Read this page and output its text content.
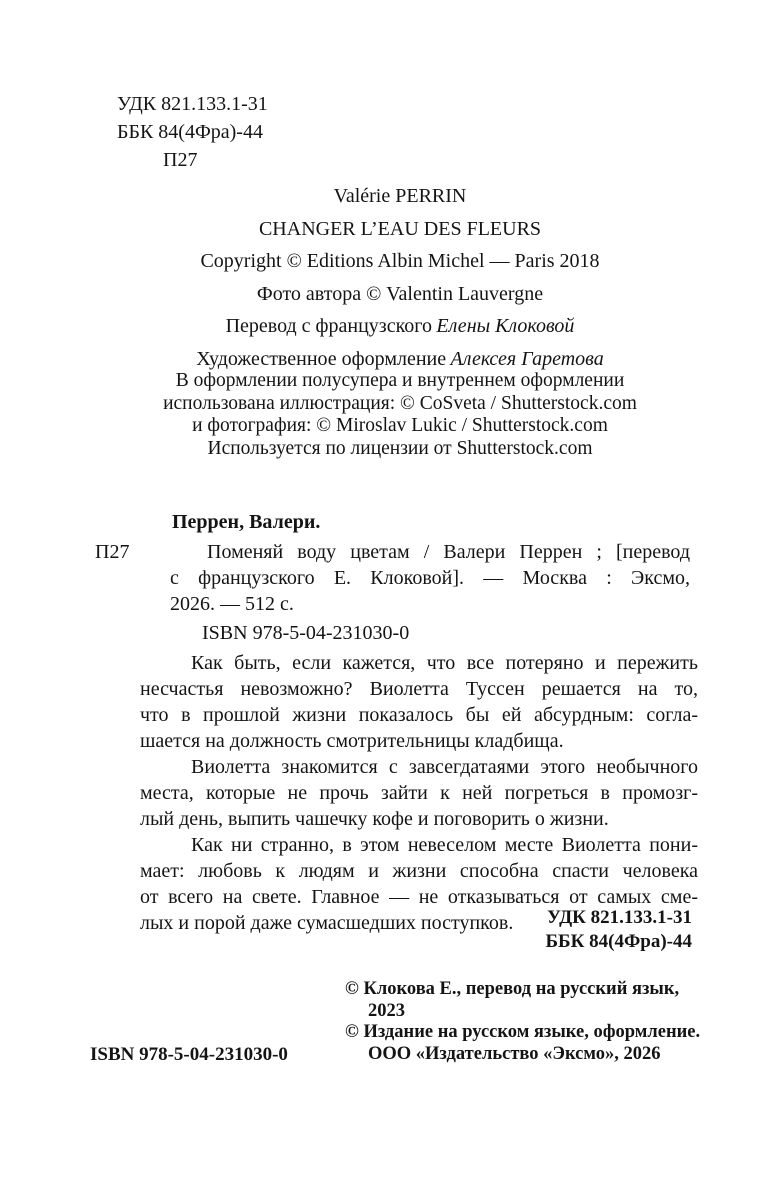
УДК 821.133.1-31
ББК 84(4Фра)-44
П27
Valérie PERRIN
CHANGER L’EAU DES FLEURS
Copyright © Editions Albin Michel — Paris 2018
Фото автора © Valentin Lauvergne
Перевод с французского Елены Клоковой
Художественное оформление Алексея Гаретова
В оформлении полусупера и внутреннем оформлении
использована иллюстрация: © CoSveta / Shutterstock.com
и фотография: © Miroslav Lukic / Shutterstock.com
Используется по лицензии от Shutterstock.com
Перрен, Валери.
П27	Поменяй воду цветам / Валери Перрен ; [перевод
с французского Е. Клоковой]. — Москва : Эксмо,
2026. — 512 с.
ISBN 978-5-04-231030-0
Как быть, если кажется, что все потеряно и пережить
несчастья невозможно? Виолетта Туссен решается на то,
что в прошлой жизни показалось бы ей абсурдным: согла-
шается на должность смотрительницы кладбища.
Виолетта знакомится с завсегдатаями этого необычного
места, которые не прочь зайти к ней погреться в промозг-
лый день, выпить чашечку кофе и поговорить о жизни.
Как ни странно, в этом невеселом месте Виолетта пони-
мает: любовь к людям и жизни способна спасти человека
от всего на свете. Главное — не отказываться от самых сме-
лых и порой даже сумасшедших поступков.	УДК 821.133.1-31
ББК 84(4Фра)-44
© Клокова Е., перевод на русский язык,
2023
© Издание на русском языке, оформление.
ООО «Издательство «Эксмо», 2026
ISBN 978-5-04-231030-0
